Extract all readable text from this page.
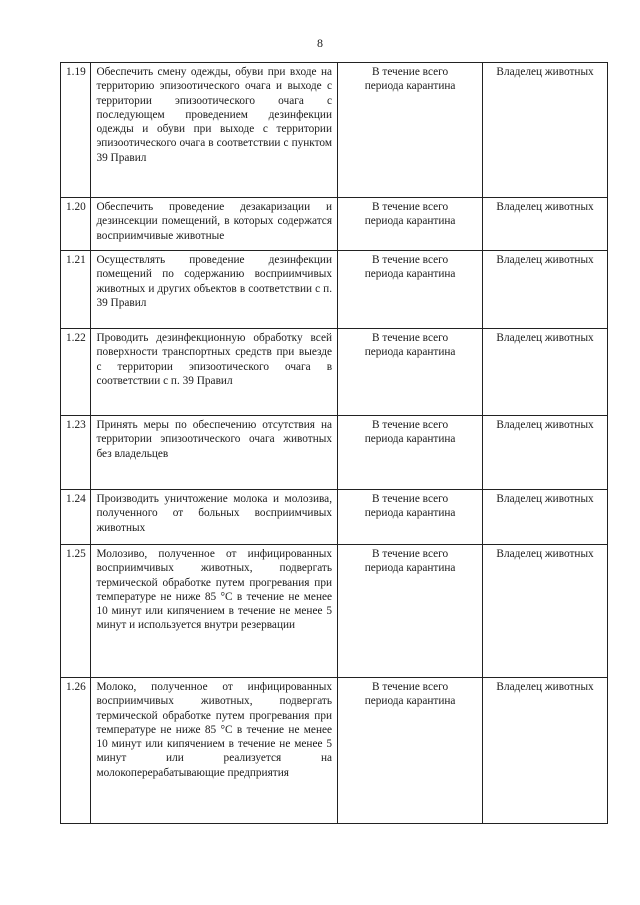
8
1.19	Обеспечить смену одежды, обуви при входе на территорию эпизоотического очага и выходе с территории эпизоотического очага с последующем проведением дезинфекции одежды и обуви при выходе с территории эпизоотического очага в соответствии с пунктом 39 Правил	В течение всего
периода карантина	Владелец животных
1.20	Обеспечить проведение дезакаризации и дезинсекции помещений, в которых содержатся восприимчивые животные	В течение всего
периода карантина	Владелец животных
1.21	Осуществлять проведение дезинфекции помещений по содержанию восприимчивых животных и других объектов в соответствии с п. 39 Правил	В течение всего
периода карантина	Владелец животных
1.22	Проводить дезинфекционную обработку всей поверхности транспортных средств при выезде с территории эпизоотического очага в соответствии с п. 39 Правил	В течение всего
периода карантина	Владелец животных
1.23	Принять меры по обеспечению отсутствия на территории эпизоотического очага животных без владельцев	В течение всего
периода карантина	Владелец животных
1.24	Производить уничтожение молока и молозива, полученного от больных восприимчивых животных	В течение всего
периода карантина	Владелец животных
1.25	Молозиво, полученное от инфицированных восприимчивых животных, подвергать термической обработке путем прогревания при температуре не ниже 85 °С в течение не менее 10 минут или кипячением в течение не менее 5 минут и используется внутри резервации	В течение всего
периода карантина	Владелец животных
1.26	Молоко, полученное от инфицированных восприимчивых животных, подвергать термической обработке путем прогревания при температуре не ниже 85 °С в течение не менее 10 минут или кипячением в течение не менее 5 минут или реализуется на молокоперерабатывающие предприятия	В течение всего
периода карантина	Владелец животных
